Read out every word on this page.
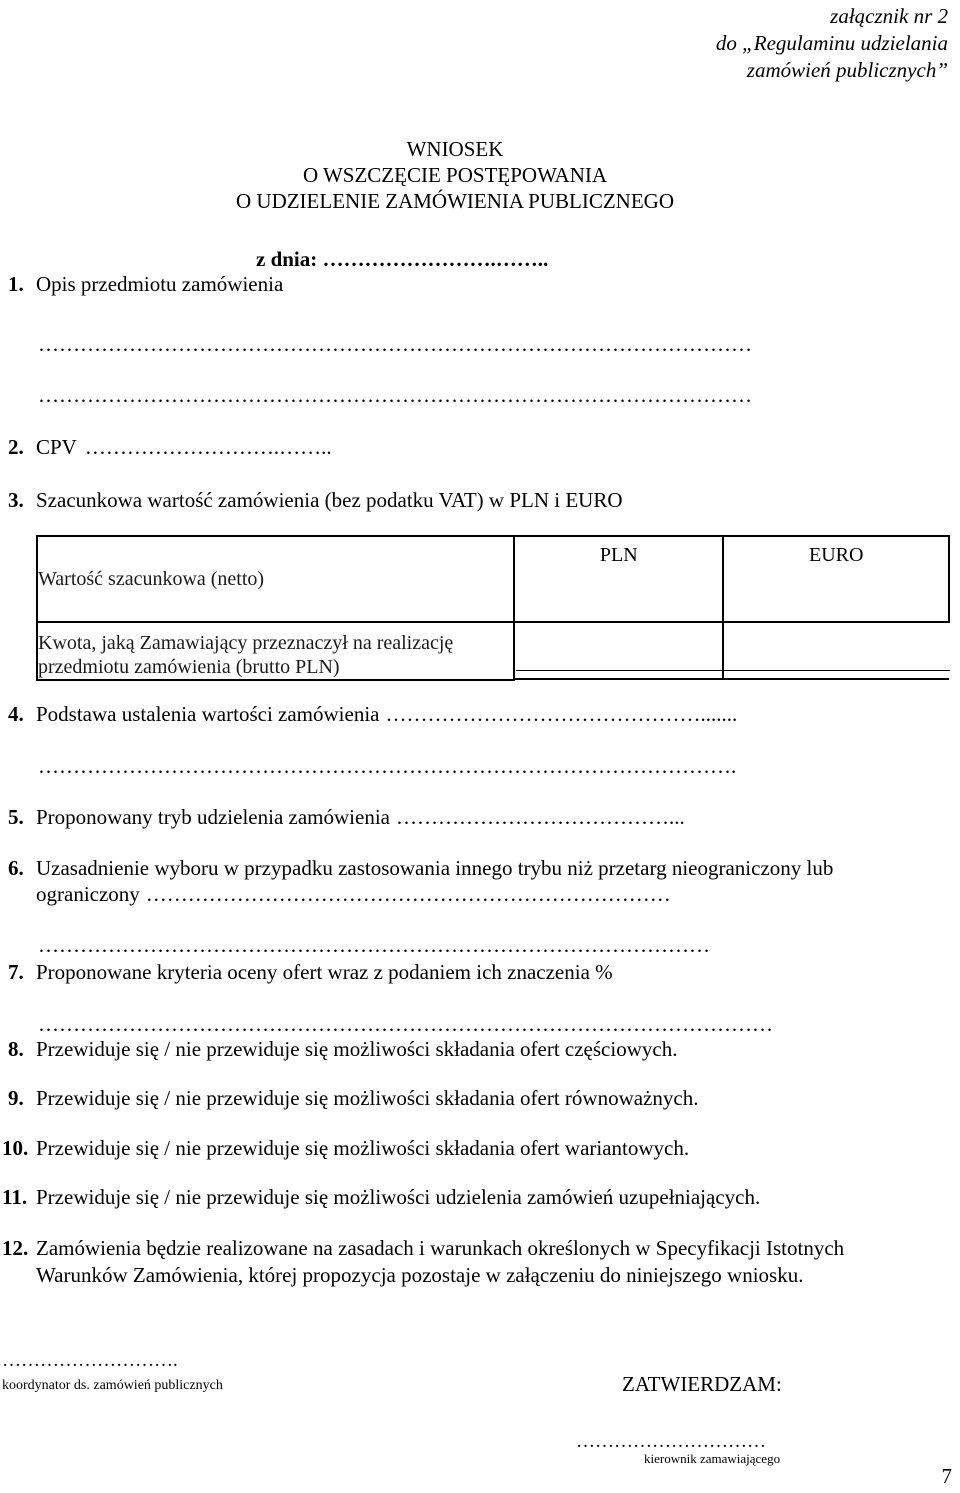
załącznik nr 2
do „Regulaminu udzielania
zamówień publicznych”
WNIOSEK
O WSZCZĘCIE POSTĘPOWANIA
O UDZIELENIE ZAMÓWIENIA PUBLICZNEGO
z dnia: …………………….……..
1. Opis przedmiotu zamówienia
…………………………………………………………………………………………
…………………………………………………………………………………………
2. CPV ……………………….……..
3. Szacunkowa wartość zamówienia (bez podatku VAT) w PLN i EURO
Wartość szacunkowa (netto)	PLN	EURO

Kwota, jaką Zamawiający przeznaczył na realizację
przedmiotu zamówienia (brutto PLN)		

4. Podstawa ustalenia wartości zamówienia ……………………………………….......
……………………………………………………………………………………….
5. Proponowany tryb udzielenia zamówienia …………………………………...
6. Uzasadnienie wyboru w przypadku zastosowania innego trybu niż przetarg nieograniczony lub
ograniczony …………………………………………………………………
……………………………………………………………………………………
7. Proponowane kryteria oceny ofert wraz z podaniem ich znaczenia %
……………………………………………………………………………………………
8. Przewiduje się / nie przewiduje się możliwości składania ofert częściowych.
9. Przewiduje się / nie przewiduje się możliwości składania ofert równoważnych.
10. Przewiduje się / nie przewiduje się możliwości składania ofert wariantowych.
11. Przewiduje się / nie przewiduje się możliwości udzielenia zamówień uzupełniających.
12. Zamówienia będzie realizowane na zasadach i warunkach określonych w Specyfikacji Istotnych
Warunków Zamówienia, której propozycja pozostaje w załączeniu do niniejszego wniosku.
……………………….
koordynator ds. zamówień publicznych	ZATWIERDZAM:
…………………………
kierownik zamawiającego
7
